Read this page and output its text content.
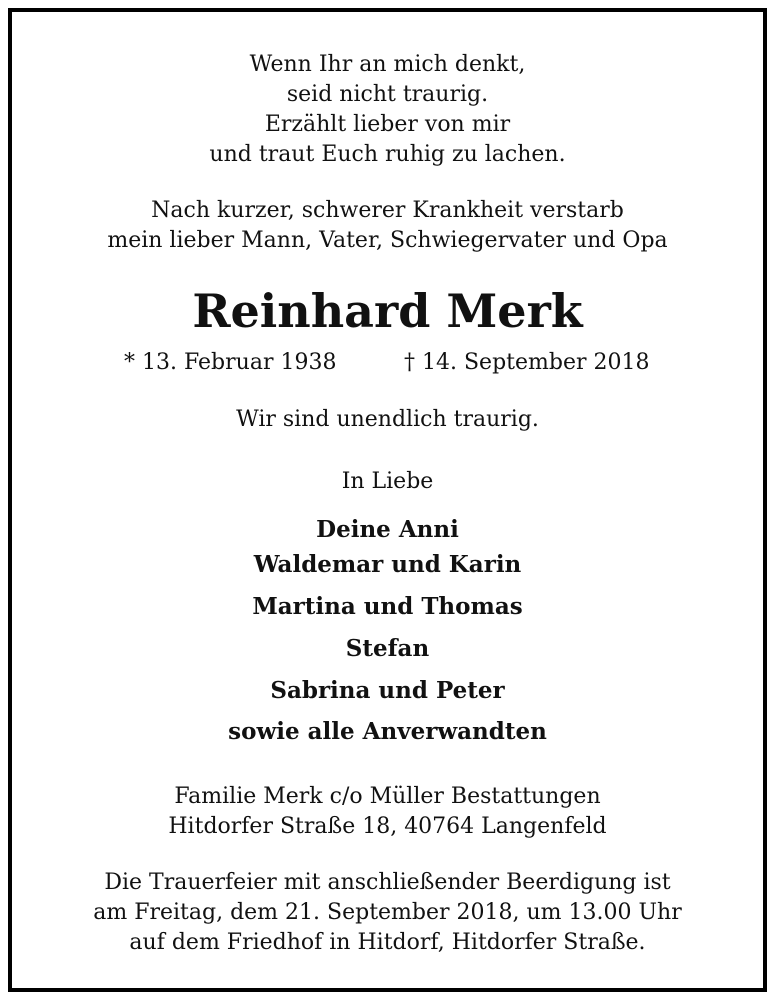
Wenn Ihr an mich denkt,
seid nicht traurig.
Erzählt lieber von mir
und traut Euch ruhig zu lachen.
Nach kurzer, schwerer Krankheit verstarb
mein lieber Mann, Vater, Schwiegervater und Opa
Reinhard Merk
* 13. Februar 1938	† 14. September 2018
Wir sind unendlich traurig.
In Liebe
Deine Anni
Waldemar und Karin
Martina und Thomas
Stefan
Sabrina und Peter
sowie alle Anverwandten
Familie Merk c/o Müller Bestattungen
Hitdorfer Straße 18, 40764 Langenfeld
Die Trauerfeier mit anschließender Beerdigung ist
am Freitag, dem 21. September 2018, um 13.00 Uhr
auf dem Friedhof in Hitdorf, Hitdorfer Straße.
